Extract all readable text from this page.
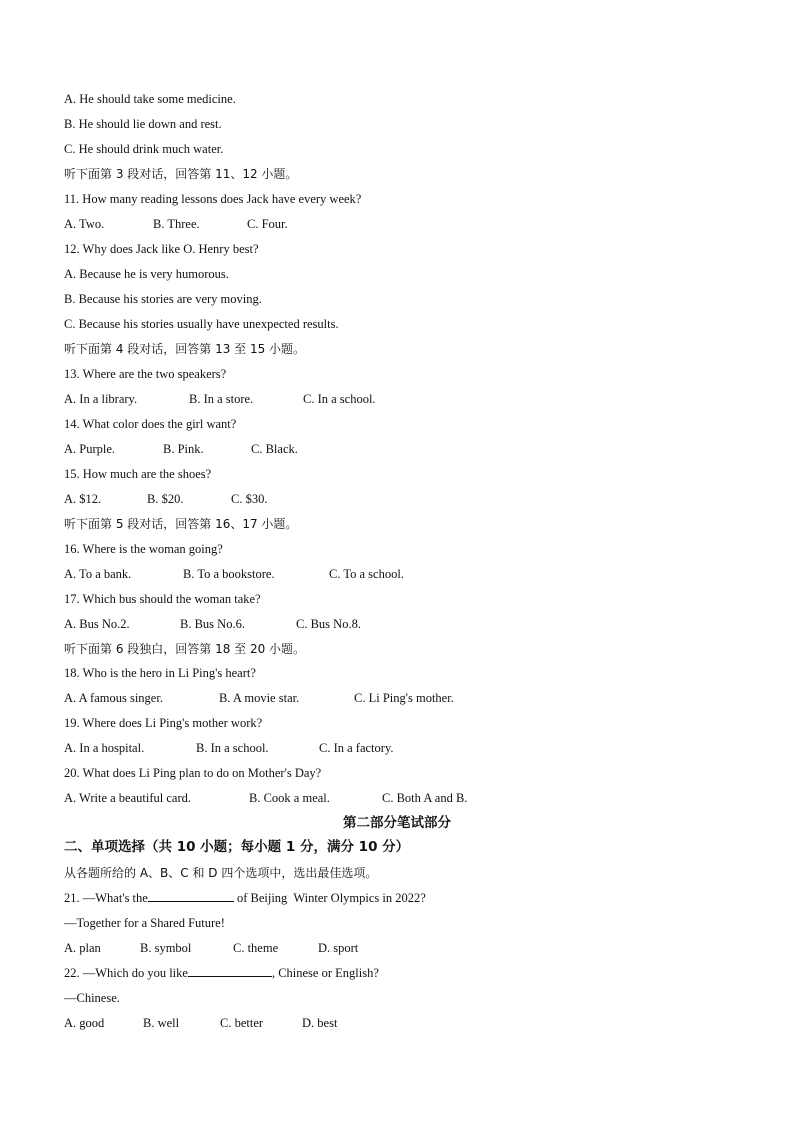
A. He should take some medicine.
B. He should lie down and rest.
C. He should drink much water.
听下面第 3 段对话，回答第 11、12 小题。
11. How many reading lessons does Jack have every week?
A. Two.	B. Three.	C. Four.
12. Why does Jack like O. Henry best?
A. Because he is very humorous.
B. Because his stories are very moving.
C. Because his stories usually have unexpected results.
听下面第 4 段对话，回答第 13 至 15 小题。
13. Where are the two speakers?
A. In a library.	B. In a store.	C. In a school.
14. What color does the girl want?
A. Purple.	B. Pink.	C. Black.
15. How much are the shoes?
A. $12.	B. $20.	C. $30.
听下面第 5 段对话，回答第 16、17 小题。
16. Where is the woman going?
A. To a bank.	B. To a bookstore.	C. To a school.
17. Which bus should the woman take?
A. Bus No.2.	B. Bus No.6.	C. Bus No.8.
听下面第 6 段独白，回答第 18 至 20 小题。
18. Who is the hero in Li Ping's heart?
A. A famous singer.	B. A movie star.	C. Li Ping's mother.
19. Where does Li Ping's mother work?
A. In a hospital.	B. In a school.	C. In a factory.
20. What does Li Ping plan to do on Mother's Day?
A. Write a beautiful card.	B. Cook a meal.	C. Both A and B.
第二部分笔试部分
二、单项选择（共 10 小题；每小题 1 分，满分 10 分）
从各题所给的 A、B、C 和 D 四个选项中，选出最佳选项。
21. —What's the	of Beijing  Winter Olympics in 2022?
—Together for a Shared Future!
A. plan	B. symbol	C. theme	D. sport
22. —Which do you like	, Chinese or English?
—Chinese.
A. good	B. well	C. better	D. best
